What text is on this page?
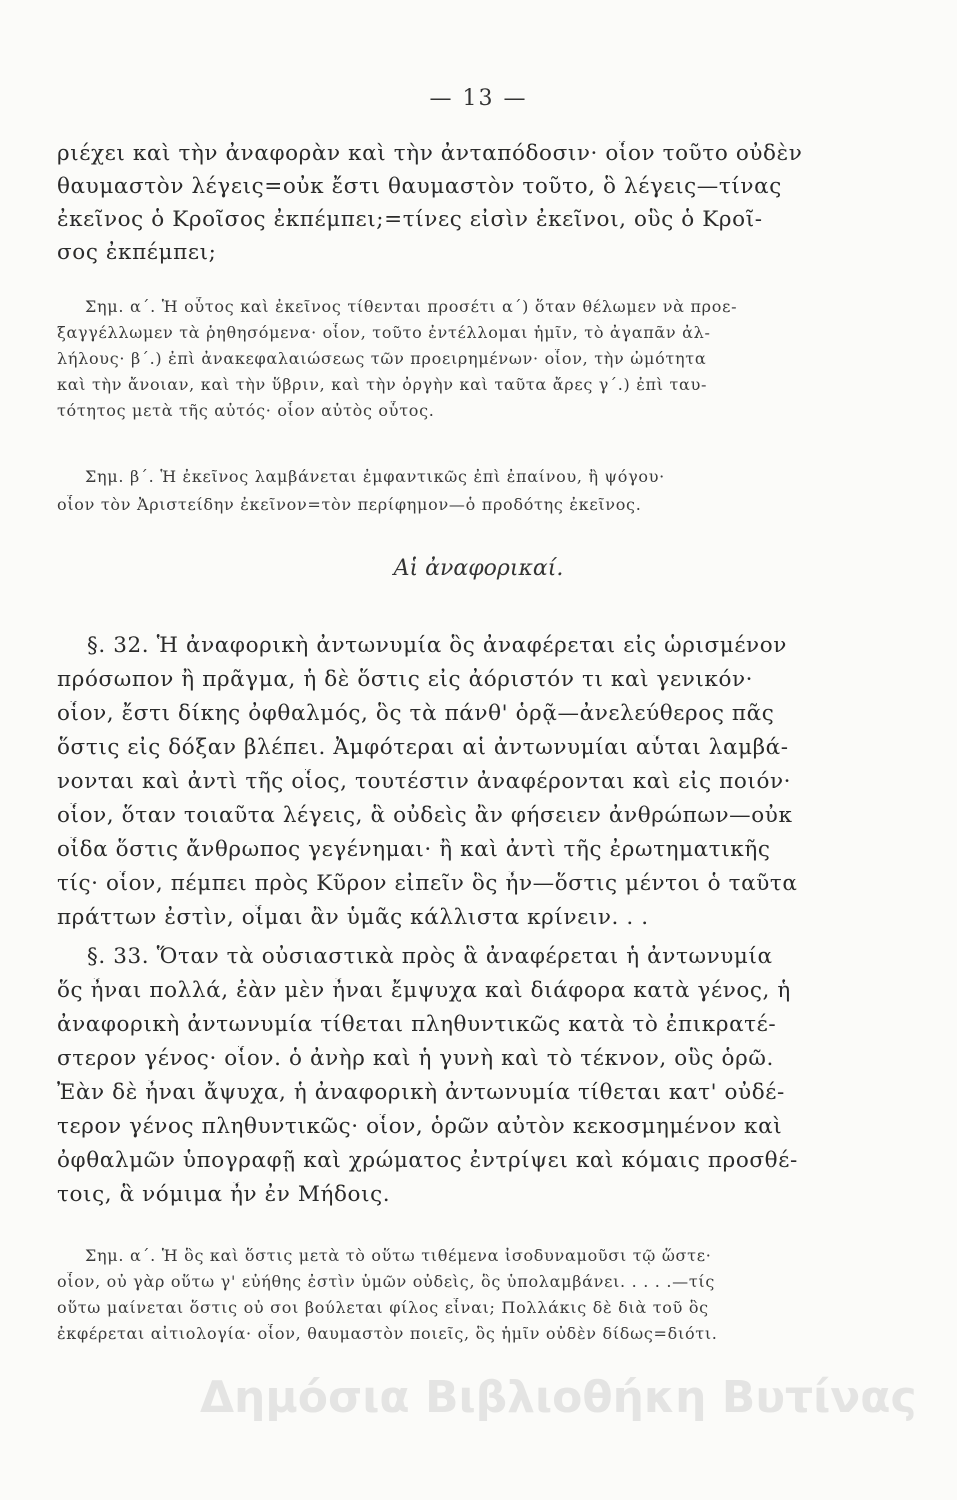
— 13 —
ριέχει καὶ τὴν ἀναφορὰν καὶ τὴν ἀνταπόδοσιν· οἷον τοῦτο οὐδὲν
θαυμαστὸν λέγεις=οὐκ ἔστι θαυμαστὸν τοῦτο, ὃ λέγεις—τίνας
ἐκεῖνος ὁ Κροῖσος ἐκπέμπει;=τίνες εἰσὶν ἐκεῖνοι, οὓς ὁ Κροῖ-
σος ἐκπέμπει;
Σημ. α΄. Ἡ οὗτος καὶ ἐκεῖνος τίθενται προσέτι α΄) ὅταν θέλωμεν νὰ προε-
ξαγγέλλωμεν τὰ ῥηθησόμενα· οἷον, τοῦτο ἐντέλλομαι ἡμῖν, τὸ ἀγαπᾶν ἀλ-
λήλους· β΄.) ἐπὶ ἀνακεφαλαιώσεως τῶν προειρημένων· οἷον, τὴν ὠμότητα
καὶ τὴν ἄνοιαν, καὶ τὴν ὕβριν, καὶ τὴν ὀργὴν καὶ ταῦτα ἄρες γ΄.) ἐπὶ ταυ-
τότητος μετὰ τῆς αὐτός· οἷον αὐτὸς οὗτος.
Σημ. β΄. Ἡ ἐκεῖνος λαμβάνεται ἐμφαντικῶς ἐπὶ ἐπαίνου, ἢ ψόγου·
οἷον τὸν Ἀριστείδην ἐκεῖνον=τὸν περίφημον—ὁ προδότης ἐκεῖνος.
Αἱ ἀναφορικαί.
§. 32. Ἡ ἀναφορικὴ ἀντωνυμία ὃς ἀναφέρεται εἰς ὡρισμένον
πρόσωπον ἢ πρᾶγμα, ἡ δὲ ὅστις εἰς ἀόριστόν τι καὶ γενικόν·
οἷον, ἔστι δίκης ὀφθαλμός, ὃς τὰ πάνθ' ὁρᾷ—ἀνελεύθερος πᾶς
ὅστις εἰς δόξαν βλέπει. Ἀμφότεραι αἱ ἀντωνυμίαι αὗται λαμβά-
νονται καὶ ἀντὶ τῆς οἷος, τουτέστιν ἀναφέρονται καὶ εἰς ποιόν·
οἷον, ὅταν τοιαῦτα λέγεις, ἃ οὐδεὶς ἂν φήσειεν ἀνθρώπων—οὐκ
οἶδα ὅστις ἄνθρωπος γεγένημαι· ἢ καὶ ἀντὶ τῆς ἐρωτηματικῆς
τίς· οἷον, πέμπει πρὸς Κῦρον εἰπεῖν ὃς ἦν—ὅστις μέντοι ὁ ταῦτα
πράττων ἐστὶν, οἶμαι ἂν ὑμᾶς κάλλιστα κρίνειν. . .
§. 33. Ὅταν τὰ οὐσιαστικὰ πρὸς ἃ ἀναφέρεται ἡ ἀντωνυμία
ὅς ἦναι πολλά, ἐὰν μὲν ἦναι ἔμψυχα καὶ διάφορα κατὰ γένος, ἡ
ἀναφορικὴ ἀντωνυμία τίθεται πληθυντικῶς κατὰ τὸ ἐπικρατέ-
στερον γένος· οἷον. ὁ ἀνὴρ καὶ ἡ γυνὴ καὶ τὸ τέκνον, οὓς ὁρῶ.
Ἐὰν δὲ ἦναι ἄψυχα, ἡ ἀναφορικὴ ἀντωνυμία τίθεται κατ' οὐδέ-
τερον γένος πληθυντικῶς· οἷον, ὁρῶν αὐτὸν κεκοσμημένον καὶ
ὀφθαλμῶν ὑπογραφῇ καὶ χρώματος ἐντρίψει καὶ κόμαις προσθέ-
τοις, ἃ νόμιμα ἦν ἐν Μήδοις.
Σημ. α΄. Ἡ ὃς καὶ ὅστις μετὰ τὸ οὕτω τιθέμενα ἰσοδυναμοῦσι τῷ ὥστε·
οἷον, οὐ γὰρ οὕτω γ' εὐήθης ἐστὶν ὑμῶν οὐδεὶς, ὃς ὑπολαμβάνει. . . . .—τίς
οὕτω μαίνεται ὅστις οὐ σοι βούλεται φίλος εἶναι; Πολλάκις δὲ διὰ τοῦ ὃς
ἐκφέρεται αἰτιολογία· οἷον, θαυμαστὸν ποιεῖς, ὃς ἡμῖν οὐδὲν δίδως=διότι.
Δημόσια Βιβλιοθήκη Βυτίνας
